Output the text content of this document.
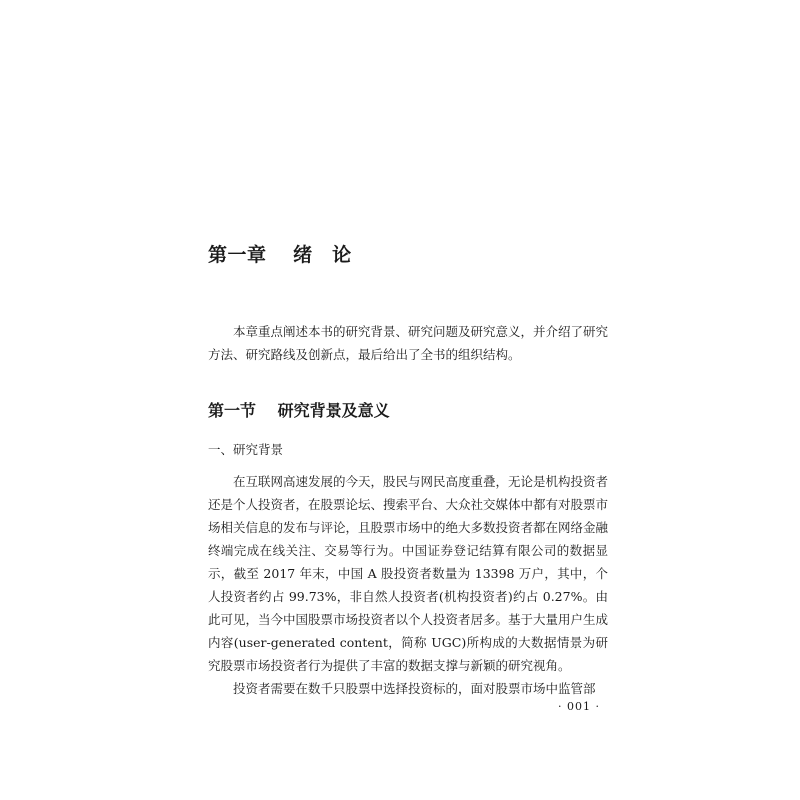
第一章　 绪　论
本章重点阐述本书的研究背景、研究问题及研究意义，并介绍了研究方法、研究路线及创新点，最后给出了全书的组织结构。
第一节　 研究背景及意义
一、研究背景

在互联网高速发展的今天，股民与网民高度重叠，无论是机构投资者还是个人投资者，在股票论坛、搜索平台、大众社交媒体中都有对股票市场相关信息的发布与评论，且股票市场中的绝大多数投资者都在网络金融终端完成在线关注、交易等行为。中国证券登记结算有限公司的数据显示，截至 2017 年末，中国 A 股投资者数量为 13398 万户，其中，个人投资者约占 99.73%，非自然人投资者(机构投资者)约占 0.27%。由此可见，当今中国股票市场投资者以个人投资者居多。基于大量用户生成内容(user-generated content，简称 UGC)所构成的大数据情景为研究股票市场投资者行为提供了丰富的数据支撑与新颖的研究视角。

投资者需要在数千只股票中选择投资标的，面对股票市场中监管部

· 001 ·
